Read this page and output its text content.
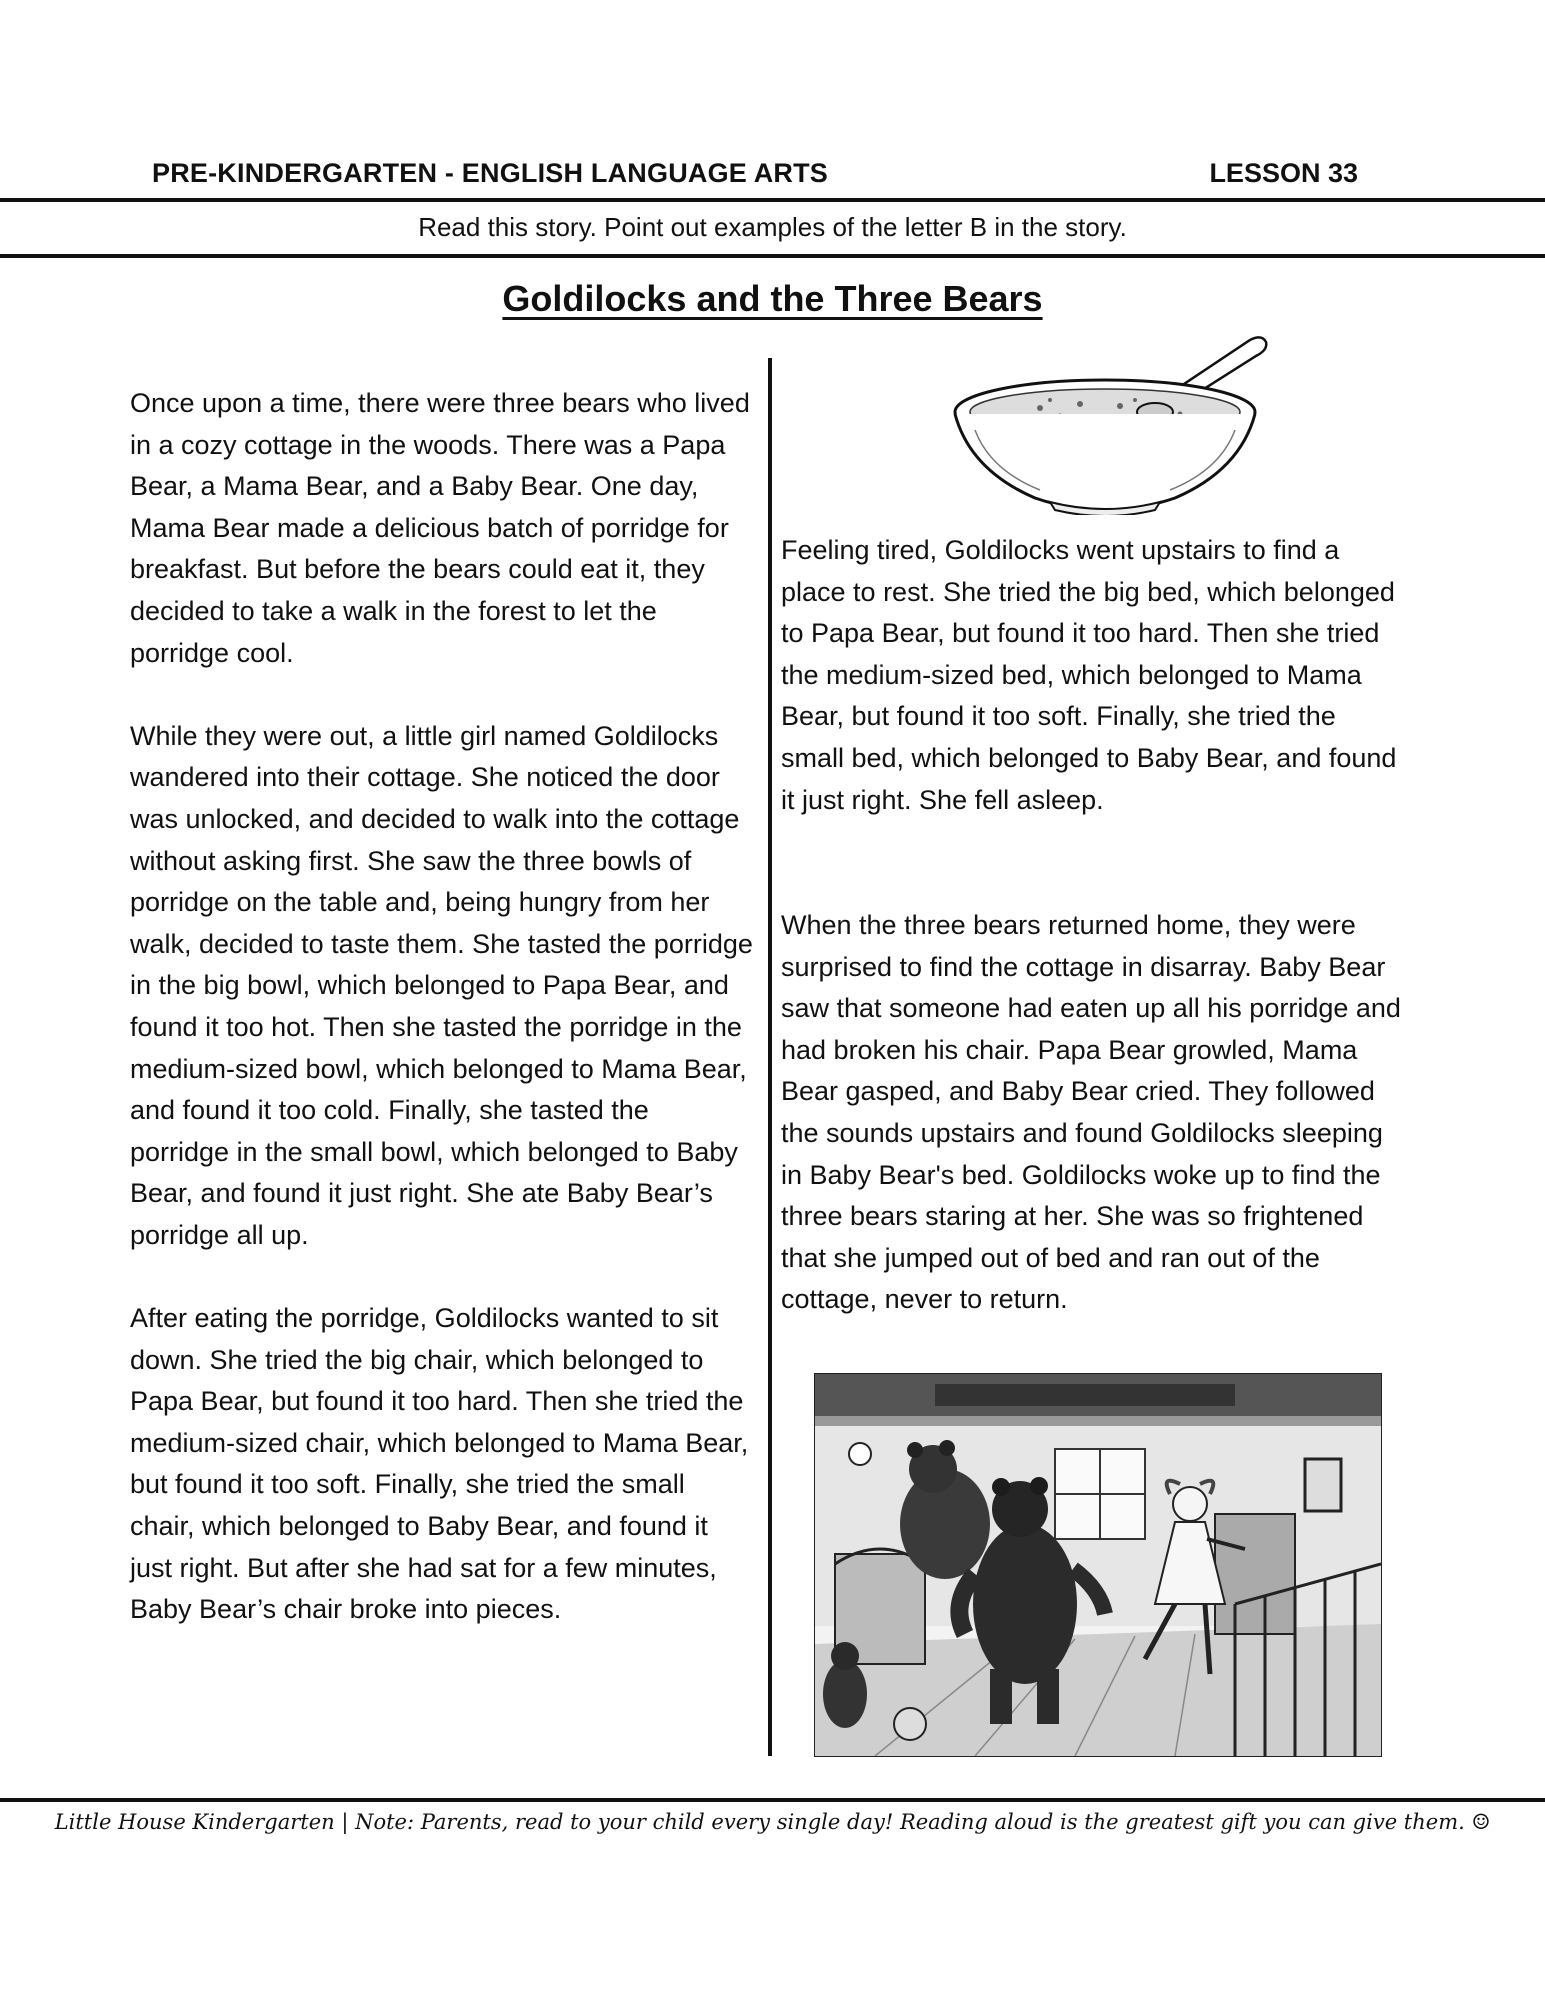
PRE-KINDERGARTEN - ENGLISH LANGUAGE ARTS	LESSON 33
Read this story. Point out examples of the letter B in the story.
Goldilocks and the Three Bears

Once upon a time, there were three bears who lived in a cozy cottage in the woods. There was a Papa Bear, a Mama Bear, and a Baby Bear. One day, Mama Bear made a delicious batch of porridge for breakfast. But before the bears could eat it, they decided to take a walk in the forest to let the porridge cool.

While they were out, a little girl named Goldilocks wandered into their cottage. She noticed the door was unlocked, and decided to walk into the cottage without asking first. She saw the three bowls of porridge on the table and, being hungry from her walk, decided to taste them. She tasted the porridge in the big bowl, which belonged to Papa Bear, and found it too hot. Then she tasted the porridge in the medium-sized bowl, which belonged to Mama Bear, and found it too cold. Finally, she tasted the porridge in the small bowl, which belonged to Baby Bear, and found it just right. She ate Baby Bear’s porridge all up.

After eating the porridge, Goldilocks wanted to sit down. She tried the big chair, which belonged to Papa Bear, but found it too hard. Then she tried the medium-sized chair, which belonged to Mama Bear, but found it too soft. Finally, she tried the small chair, which belonged to Baby Bear, and found it just right. But after she had sat for a few minutes, Baby Bear’s chair broke into pieces.

Feeling tired, Goldilocks went upstairs to find a place to rest. She tried the big bed, which belonged to Papa Bear, but found it too hard. Then she tried the medium-sized bed, which belonged to Mama Bear, but found it too soft. Finally, she tried the small bed, which belonged to Baby Bear, and found it just right. She fell asleep.

When the three bears returned home, they were surprised to find the cottage in disarray. Baby Bear saw that someone had eaten up all his porridge and had broken his chair. Papa Bear growled, Mama Bear gasped, and Baby Bear cried. They followed the sounds upstairs and found Goldilocks sleeping in Baby Bear's bed. Goldilocks woke up to find the three bears staring at her. She was so frightened that she jumped out of bed and ran out of the cottage, never to return.

Little House Kindergarten | Note: Parents, read to your child every single day! Reading aloud is the greatest gift you can give them. ☺
